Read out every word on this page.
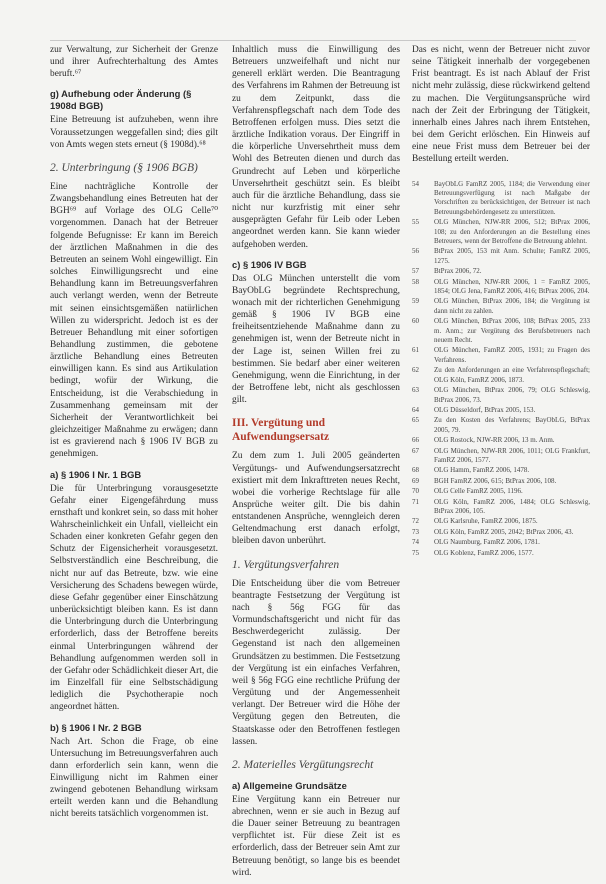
zur Verwaltung, zur Sicherheit der Grenze und ihrer Aufrechterhaltung des Amtes beruft.⁶⁷

g) Aufhebung oder Änderung (§ 1908d BGB)

Eine Betreuung ist aufzuheben, wenn ihre Voraussetzungen weggefallen sind; dies gilt von Amts wegen stets erneut (§ 1908d).⁶⁸

2. Unterbringung (§ 1906 BGB)

Eine nachträgliche Kontrolle der Zwangsbehandlung eines Betreuten hat der BGH⁶⁹ auf Vorlage des OLG Celle⁷⁰ vorgenommen. Danach hat der Betreuer folgende Befugnisse: Er kann im Bereich der ärztlichen Maßnahmen in die des Betreuten an seinem Wohl eingewilligt. Ein solches Einwilligungsrecht und eine Behandlung kann im Betreuungsverfahren auch verlangt werden, wenn der Betreute mit seinen einsichtsgemäßen natürlichen Willen zu widerspricht. Jedoch ist es der Betreuer Behandlung mit einer sofortigen Behandlung zustimmen, die gebotene ärztliche Behandlung eines Betreuten einwilligen kann. Es sind aus Artikulation bedingt, wofür der Wirkung, die Entscheidung, ist die Verabschiedung in Zusammenhang gemeinsam mit der Sicherheit der Verantwortlichkeit bei gleichzeitiger Maßnahme zu erwägen; dann ist es gravierend nach § 1906 IV BGB zu genehmigen.

a) § 1906 I Nr. 1 BGB

Die für Unterbringung vorausgesetzte Gefahr einer Eigengefährdung muss ernsthaft und konkret sein, so dass mit hoher Wahrscheinlichkeit ein Unfall, vielleicht ein Schaden einer konkreten Gefahr gegen den Schutz der Eigensicherheit vorausgesetzt. Selbstverständlich eine Beschreibung, die nicht nur auf das Betreute, bzw. wie eine Versicherung des Schadens bewegen würde, diese Gefahr gegenüber einer Einschätzung unberücksichtigt bleiben kann. Es ist dann die Unterbringung durch die Unterbringung erforderlich, dass der Betroffene bereits einmal Unterbringungen während der Behandlung aufgenommen werden soll in der Gefahr oder Schädlichkeit dieser Art, die im Einzelfall für eine Selbstschädigung lediglich die Psychotherapie noch angeordnet hätten.

b) § 1906 I Nr. 2 BGB

Nach Art. Schon die Frage, ob eine Untersuchung im Betreuungsverfahren auch dann erforderlich sein kann, wenn die Einwilligung nicht im Rahmen einer zwingend gebotenen Behandlung wirksam erteilt werden kann und die Behandlung nicht bereits tatsächlich vorgenommen ist.

Inhaltlich muss die Einwilligung des Betreuers unzweifelhaft und nicht nur generell erklärt werden. Die Beantragung des Verfahrens im Rahmen der Betreuung ist zu dem Zeitpunkt, dass die Verfahrenspflegschaft nach dem Tode des Betroffenen erfolgen muss. Dies setzt die ärztliche Indikation voraus. Der Eingriff in die körperliche Unversehrtheit muss dem Wohl des Betreuten dienen und durch das Grundrecht auf Leben und körperliche Unversehrtheit geschützt sein. Es bleibt auch für die ärztliche Behandlung, dass sie nicht nur kurzfristig mit einer sehr ausgeprägten Gefahr für Leib oder Leben angeordnet werden kann. Sie kann wieder aufgehoben werden.

c) § 1906 IV BGB

Das OLG München unterstellt die vom BayObLG begründete Rechtsprechung, wonach mit der richterlichen Genehmigung gemäß § 1906 IV BGB eine freiheitsentziehende Maßnahme dann zu genehmigen ist, wenn der Betreute nicht in der Lage ist, seinen Willen frei zu bestimmen. Sie bedarf aber einer weiteren Genehmigung, wenn die Einrichtung, in der der Betroffene lebt, nicht als geschlossen gilt.

III. Vergütung und Aufwendungsersatz

Zu dem zum 1. Juli 2005 geänderten Vergütungs- und Aufwendungsersatzrecht existiert mit dem Inkrafttreten neues Recht, wobei die vorherige Rechtslage für alle Ansprüche weiter gilt. Die bis dahin entstandenen Ansprüche, wenngleich deren Geltendmachung erst danach erfolgt, bleiben davon unberührt.

1. Vergütungsverfahren

Die Entscheidung über die vom Betreuer beantragte Festsetzung der Vergütung ist nach § 56g FGG für das Vormundschaftsgericht und nicht für das Beschwerdegericht zulässig. Der Gegenstand ist nach den allgemeinen Grundsätzen zu bestimmen. Die Festsetzung der Vergütung ist ein einfaches Verfahren, weil § 56g FGG eine rechtliche Prüfung der Vergütung und der Angemessenheit verlangt. Der Betreuer wird die Höhe der Vergütung gegen den Betreuten, die Staatskasse oder den Betroffenen festlegen lassen.

2. Materielles Vergütungsrecht
a) Allgemeine Grundsätze

Eine Vergütung kann ein Betreuer nur abrechnen, wenn er sie auch in Bezug auf die Dauer seiner Betreuung zu beantragen verpflichtet ist. Für diese Zeit ist es erforderlich, dass der Betreuer sein Amt zur Betreuung benötigt, so lange bis es beendet wird.

Das es nicht, wenn der Betreuer nicht zuvor seine Tätigkeit innerhalb der vorgegebenen Frist beantragt. Es ist nach Ablauf der Frist nicht mehr zulässig, diese rückwirkend geltend zu machen. Die Vergütungsansprüche wird nach der Zeit der Erbringung der Tätigkeit, innerhalb eines Jahres nach ihrem Entstehen, bei dem Gericht erlöschen. Ein Hinweis auf eine neue Frist muss dem Betreuer bei der Bestellung erteilt werden.

54	BayObLG FamRZ 2005, 1184; die Verwendung einer Betreuungsverfügung ist nach Maßgabe der Vorschriften zu berücksichtigen, der Betreuer ist nach Betreuungsbehördengesetz zu unterstützen.
55	OLG München, NJW-RR 2006, 512; BtPrax 2006, 108; zu den Anforderungen an die Bestellung eines Betreuers, wenn der Betroffene die Betreuung ablehnt.
56	BtPrax 2005, 153 mit Anm. Schulte; FamRZ 2005, 1275.
57	BtPrax 2006, 72.
58	OLG München, NJW-RR 2006, 1 = FamRZ 2005, 1854; OLG Jena, FamRZ 2006, 416; BtPrax 2006, 204.
59	OLG München, BtPrax 2006, 184; die Vergütung ist dann nicht zu zahlen.
60	OLG München, BtPrax 2006, 108; BtPrax 2005, 233 m. Anm.; zur Vergütung des Berufsbetreuers nach neuem Recht.
61	OLG München, FamRZ 2005, 1931; zu Fragen des Verfahrens.
62	Zu den Anforderungen an eine Verfahrenspflegschaft; OLG Köln, FamRZ 2006, 1873.
63	OLG München, BtPrax 2006, 79; OLG Schleswig, BtPrax 2006, 73.
64	OLG Düsseldorf, BtPrax 2005, 153.
65	Zu den Kosten des Verfahrens; BayObLG, BtPrax 2005, 79.
66	OLG Rostock, NJW-RR 2006, 13 m. Anm.
67	OLG München, NJW-RR 2006, 1011; OLG Frankfurt, FamRZ 2006, 1577.
68	OLG Hamm, FamRZ 2006, 1478.
69	BGH FamRZ 2006, 615; BtPrax 2006, 108.
70	OLG Celle FamRZ 2005, 1196.
71	OLG Köln, FamRZ 2006, 1484; OLG Schleswig, BtPrax 2006, 105.
72	OLG Karlsruhe, FamRZ 2006, 1875.
73	OLG Köln, FamRZ 2005, 2042; BtPrax 2006, 43.
74	OLG Naumburg, FamRZ 2006, 1781.
75	OLG Koblenz, FamRZ 2006, 1577.
